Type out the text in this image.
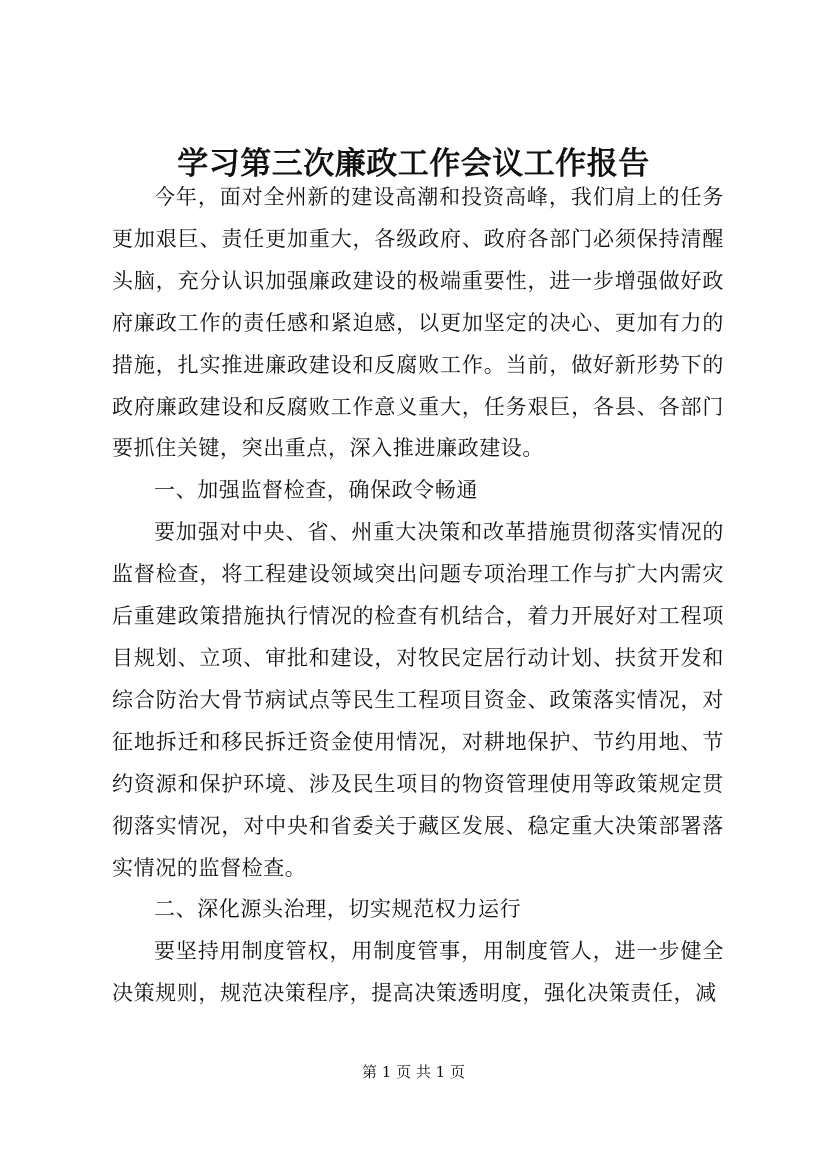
学习第三次廉政工作会议工作报告

今年，面对全州新的建设高潮和投资高峰，我们肩上的任务更加艰巨、责任更加重大，各级政府、政府各部门必须保持清醒头脑，充分认识加强廉政建设的极端重要性，进一步增强做好政府廉政工作的责任感和紧迫感，以更加坚定的决心、更加有力的措施，扎实推进廉政建设和反腐败工作。当前，做好新形势下的政府廉政建设和反腐败工作意义重大，任务艰巨，各县、各部门要抓住关键，突出重点，深入推进廉政建设。

一、加强监督检查，确保政令畅通

要加强对中央、省、州重大决策和改革措施贯彻落实情况的监督检查，将工程建设领域突出问题专项治理工作与扩大内需灾后重建政策措施执行情况的检查有机结合，着力开展好对工程项目规划、立项、审批和建设，对牧民定居行动计划、扶贫开发和综合防治大骨节病试点等民生工程项目资金、政策落实情况，对征地拆迁和移民拆迁资金使用情况，对耕地保护、节约用地、节约资源和保护环境、涉及民生项目的物资管理使用等政策规定贯彻落实情况，对中央和省委关于藏区发展、稳定重大决策部署落实情况的监督检查。

二、深化源头治理，切实规范权力运行

要坚持用制度管权，用制度管事，用制度管人，进一步健全决策规则，规范决策程序，提高决策透明度，强化决策责任，减

第 1 页 共 1 页
